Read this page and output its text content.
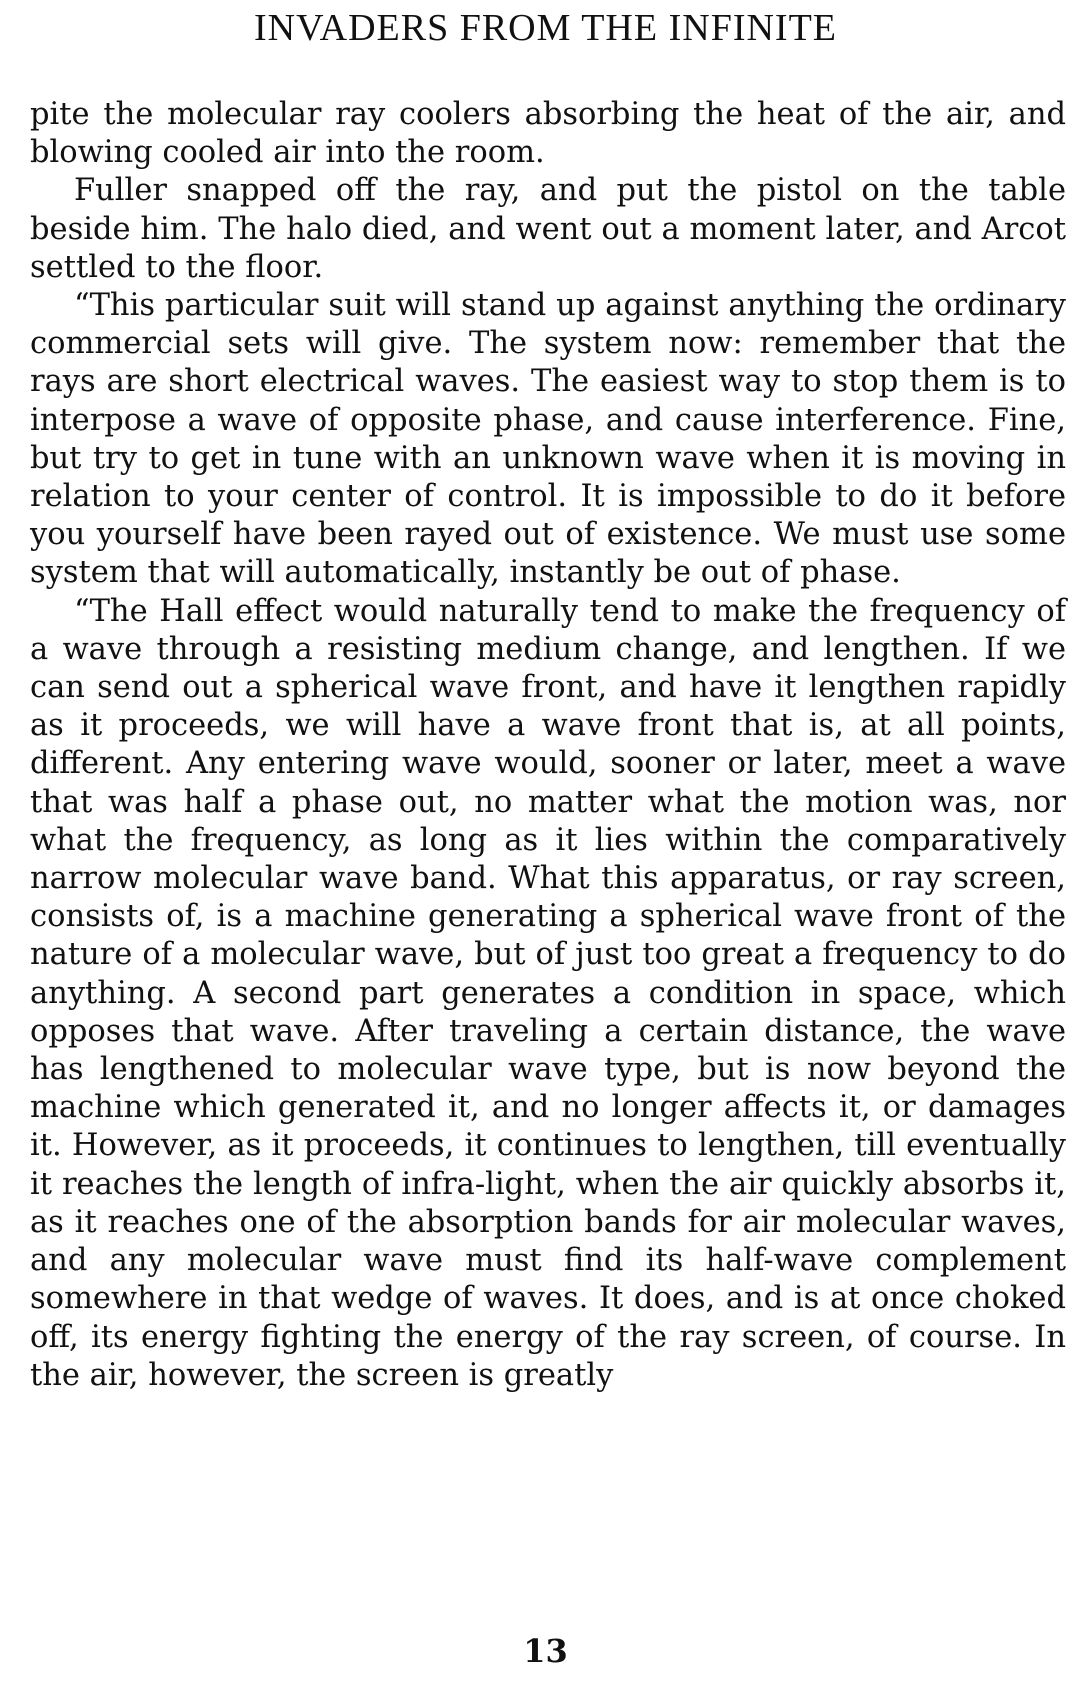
INVADERS FROM THE INFINITE

pite the molecular ray coolers absorbing the heat of the air, and blowing cooled air into the room.

Fuller snapped off the ray, and put the pistol on the table beside him. The halo died, and went out a moment later, and Arcot settled to the floor.

“This particular suit will stand up against anything the ordinary commercial sets will give. The system now: remember that the rays are short electrical waves. The easiest way to stop them is to interpose a wave of opposite phase, and cause interference. Fine, but try to get in tune with an unknown wave when it is moving in relation to your center of control. It is impossible to do it before you yourself have been rayed out of existence. We must use some system that will automatically, instantly be out of phase.

“The Hall effect would naturally tend to make the frequency of a wave through a resisting medium change, and lengthen. If we can send out a spherical wave front, and have it lengthen rapidly as it proceeds, we will have a wave front that is, at all points, different. Any entering wave would, sooner or later, meet a wave that was half a phase out, no matter what the motion was, nor what the frequency, as long as it lies within the comparatively narrow molecular wave band. What this apparatus, or ray screen, consists of, is a machine generating a spherical wave front of the nature of a molecular wave, but of just too great a frequency to do anything. A second part generates a condition in space, which opposes that wave. After traveling a certain distance, the wave has lengthened to molecular wave type, but is now beyond the machine which generated it, and no longer affects it, or damages it. However, as it proceeds, it continues to lengthen, till eventually it reaches the length of infra-light, when the air quickly absorbs it, as it reaches one of the absorption bands for air molecular waves, and any molecular wave must find its half-wave complement somewhere in that wedge of waves. It does, and is at once choked off, its energy fighting the energy of the ray screen, of course. In the air, however, the screen is greatly

13
